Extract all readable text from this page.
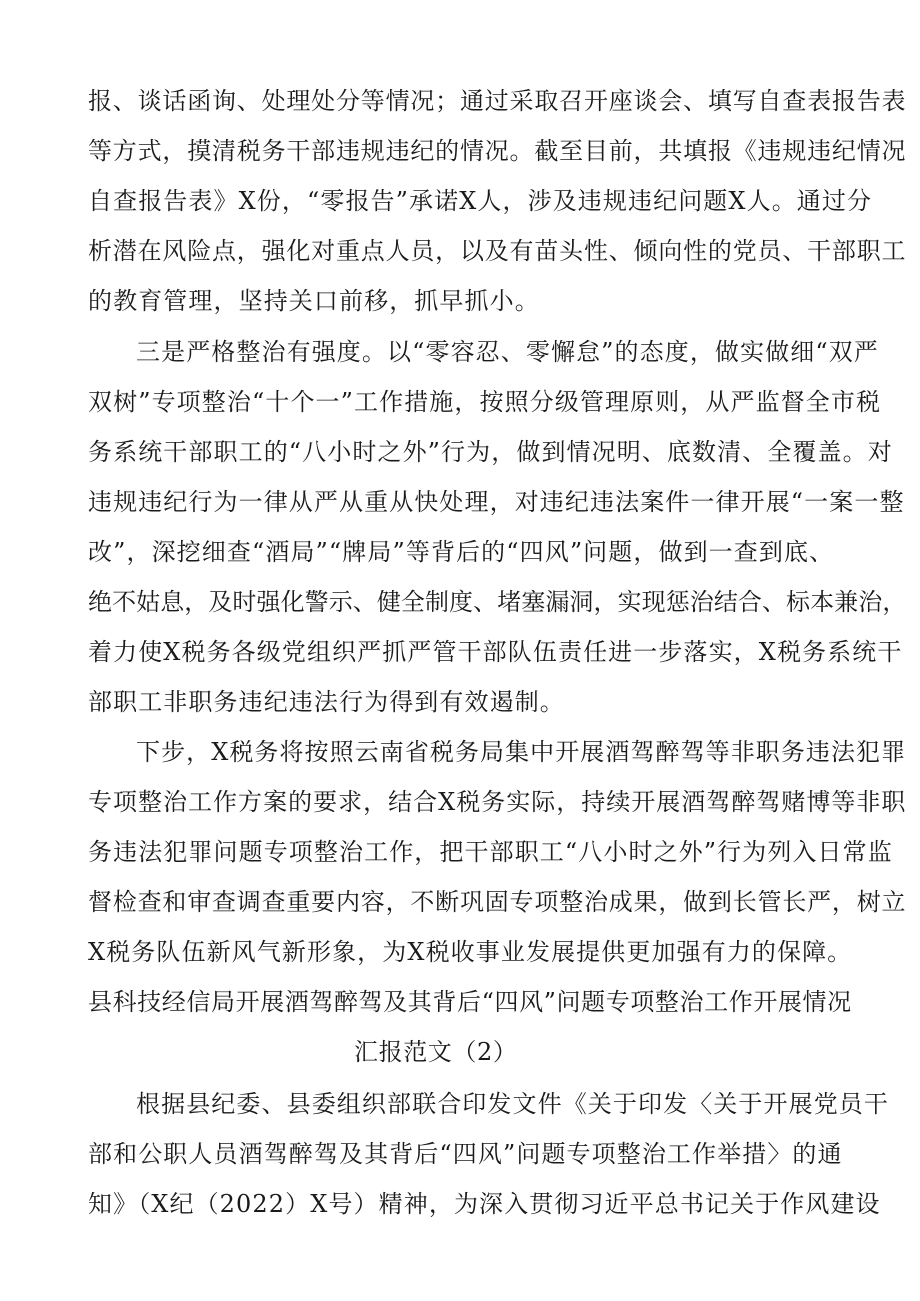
报、谈话函询、处理处分等情况；通过采取召开座谈会、填写自查表报告表
等方式，摸清税务干部违规违纪的情况。截至目前，共填报《违规违纪情况
自查报告表》X份，“零报告”承诺X人，涉及违规违纪问题X人。通过分
析潜在风险点，强化对重点人员，以及有苗头性、倾向性的党员、干部职工
的教育管理，坚持关口前移，抓早抓小。
三是严格整治有强度。以“零容忍、零懈怠”的态度，做实做细“双严
双树”专项整治“十个一”工作措施，按照分级管理原则，从严监督全市税
务系统干部职工的“八小时之外”行为，做到情况明、底数清、全覆盖。对
违规违纪行为一律从严从重从快处理，对违纪违法案件一律开展“一案一整
改”，深挖细查“酒局”“牌局”等背后的“四风”问题，做到一查到底、
绝不姑息，及时强化警示、健全制度、堵塞漏洞，实现惩治结合、标本兼治，
着力使X税务各级党组织严抓严管干部队伍责任进一步落实，X税务系统干
部职工非职务违纪违法行为得到有效遏制。
下步，X税务将按照云南省税务局集中开展酒驾醉驾等非职务违法犯罪
专项整治工作方案的要求，结合X税务实际，持续开展酒驾醉驾赌博等非职
务违法犯罪问题专项整治工作，把干部职工“八小时之外”行为列入日常监
督检查和审查调查重要内容，不断巩固专项整治成果，做到长管长严，树立
X税务队伍新风气新形象，为X税收事业发展提供更加强有力的保障。
县科技经信局开展酒驾醉驾及其背后“四风”问题专项整治工作开展情况
汇报范文（2）
根据县纪委、县委组织部联合印发文件《关于印发〈关于开展党员干
部和公职人员酒驾醉驾及其背后“四风”问题专项整治工作举措〉的通
知》（X纪（2022）X号）精神，为深入贯彻习近平总书记关于作风建设
